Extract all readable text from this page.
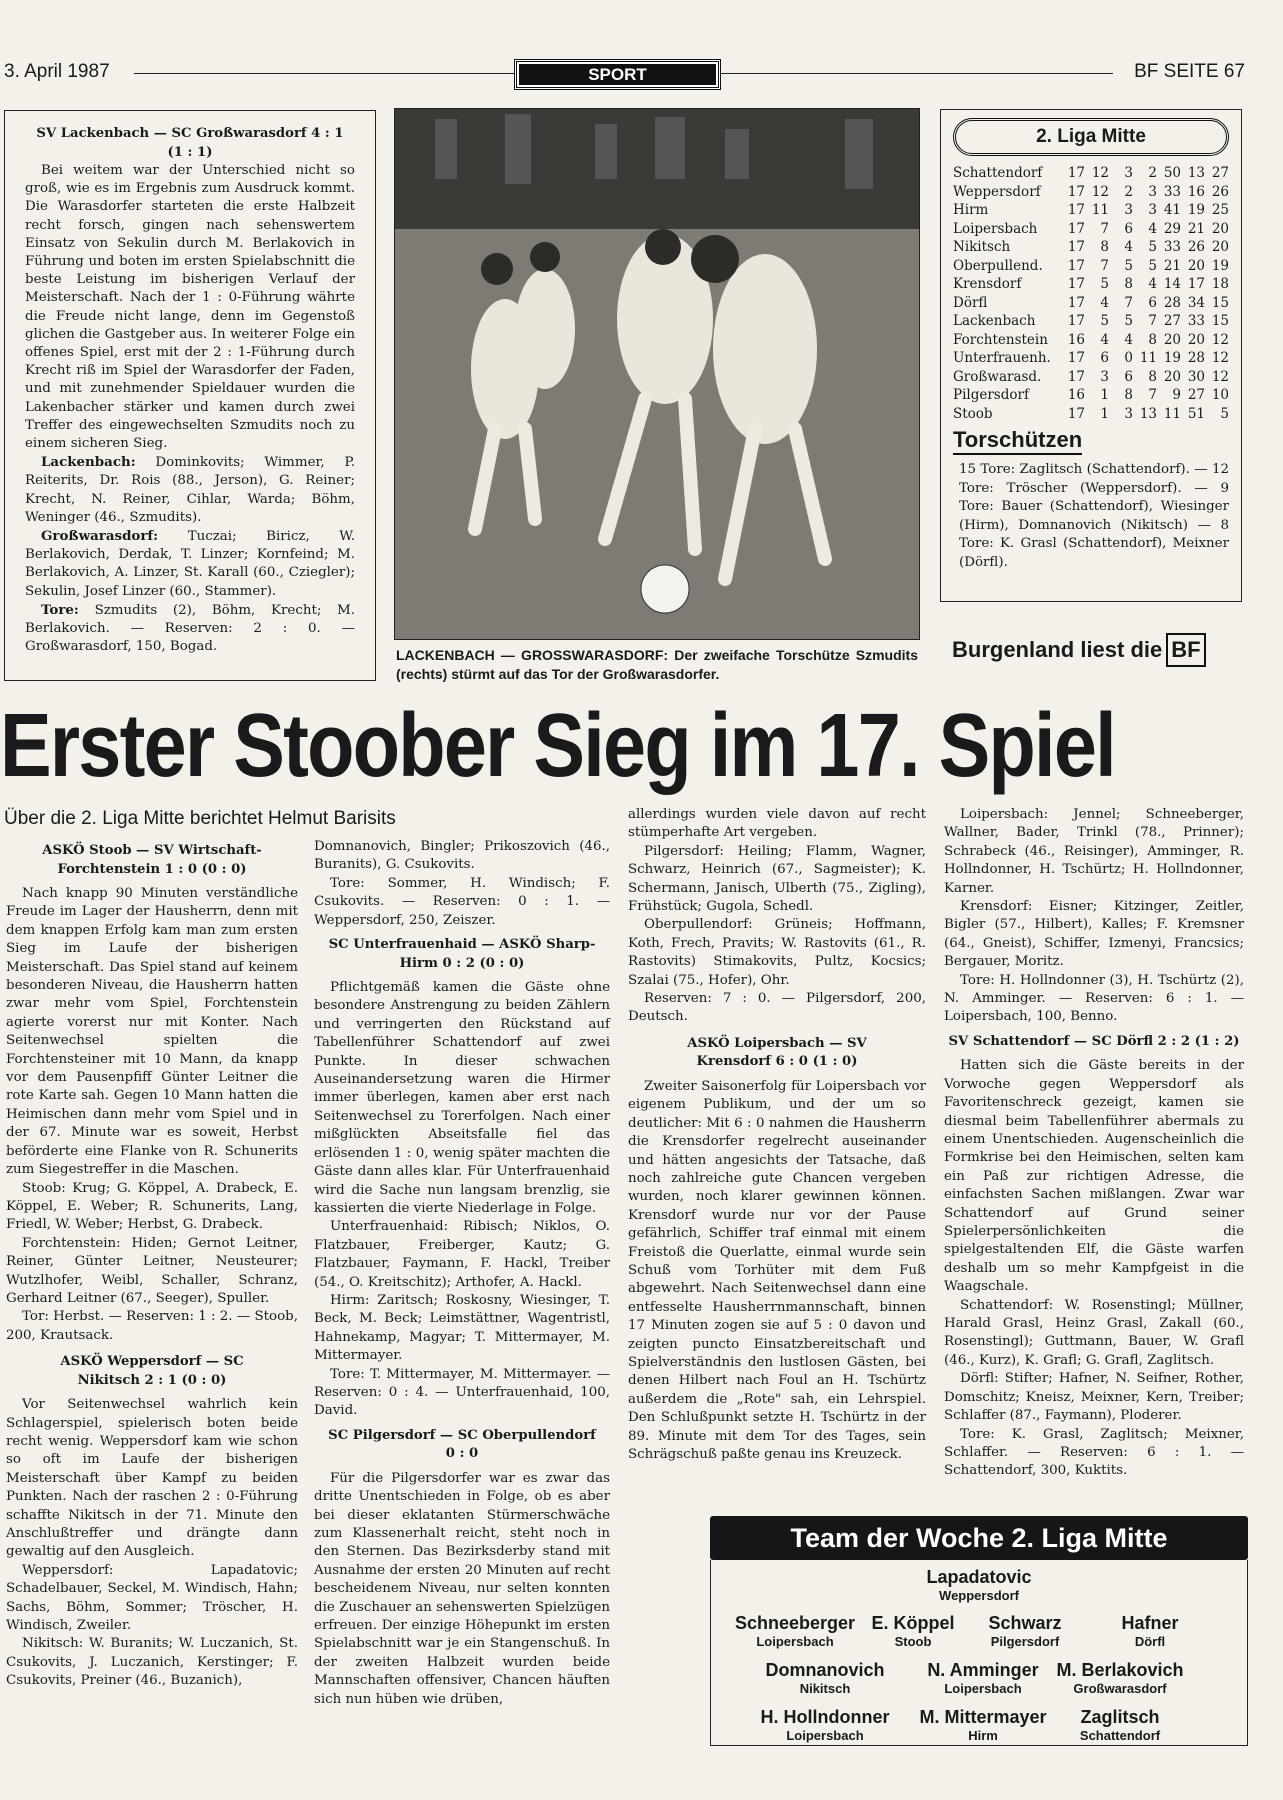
3. April 1987	SPORT	BF SEITE 67
SV Lackenbach — SC Großwarasdorf 4 : 1
(1 : 1)

Bei weitem war der Unterschied nicht so groß, wie es im Ergebnis zum Ausdruck kommt. Die Warasdorfer starteten die erste Halbzeit recht forsch, gingen nach sehenswertem Einsatz von Sekulin durch M. Berlakovich in Führung und boten im ersten Spielabschnitt die beste Leistung im bisherigen Verlauf der Meisterschaft. Nach der 1 : 0-Führung währte die Freude nicht lange, denn im Gegenstoß glichen die Gastgeber aus. In weiterer Folge ein offenes Spiel, erst mit der 2 : 1-Führung durch Krecht riß im Spiel der Warasdorfer der Faden, und mit zunehmender Spieldauer wurden die Lakenbacher stärker und kamen durch zwei Treffer des eingewechselten Szmudits noch zu einem sicheren Sieg.

Lackenbach: Dominkovits; Wimmer, P. Reiterits, Dr. Rois (88., Jerson), G. Reiner; Krecht, N. Reiner, Cihlar, Warda; Böhm, Weninger (46., Szmudits).

Großwarasdorf: Tuczai; Biricz, W. Berlakovich, Derdak, T. Linzer; Kornfeind; M. Berlakovich, A. Linzer, St. Karall (60., Cziegler); Sekulin, Josef Linzer (60., Stammer).

Tore: Szmudits (2), Böhm, Krecht; M. Berlakovich. — Reserven: 2 : 0. — Großwarasdorf, 150, Bogad.

LACKENBACH — GROSSWARASDORF: Der zweifache Torschütze Szmudits (rechts) stürmt auf das Tor der Großwarasdorfer.
2. Liga Mitte
Schattendorf	17	12	3	2	50	13	27
Weppersdorf	17	12	2	3	33	16	26
Hirm	17	11	3	3	41	19	25
Loipersbach	17	7	6	4	29	21	20
Nikitsch	17	8	4	5	33	26	20
Oberpullend.	17	7	5	5	21	20	19
Krensdorf	17	5	8	4	14	17	18
Dörfl	17	4	7	6	28	34	15
Lackenbach	17	5	5	7	27	33	15
Forchtenstein	16	4	4	8	20	20	12
Unterfrauenh.	17	6	0	11	19	28	12
Großwarasd.	17	3	6	8	20	30	12
Pilgersdorf	16	1	8	7	9	27	10
Stoob	17	1	3	13	11	51	5
Torschützen
15 Tore: Zaglitsch (Schattendorf). — 12 Tore: Tröscher (Weppersdorf). — 9 Tore: Bauer (Schattendorf), Wiesinger (Hirm), Domnanovich (Nikitsch) — 8 Tore: K. Grasl (Schattendorf), Meixner (Dörfl).
Burgenland liest die BF
Erster Stoober Sieg im 17. Spiel
Über die 2. Liga Mitte berichtet Helmut Barisits
ASKÖ Stoob — SV Wirtschaft-Forchtenstein 1 : 0 (0 : 0)

Nach knapp 90 Minuten verständliche Freude im Lager der Hausherrn, denn mit dem knappen Erfolg kam man zum ersten Sieg im Laufe der bisherigen Meisterschaft. Das Spiel stand auf keinem besonderen Niveau, die Hausherrn hatten zwar mehr vom Spiel, Forchtenstein agierte vorerst nur mit Konter. Nach Seitenwechsel spielten die Forchtensteiner mit 10 Mann, da knapp vor dem Pausenpfiff Günter Leitner die rote Karte sah. Gegen 10 Mann hatten die Heimischen dann mehr vom Spiel und in der 67. Minute war es soweit, Herbst beförderte eine Flanke von R. Schunerits zum Siegestreffer in die Maschen.

Stoob: Krug; G. Köppel, A. Drabeck, E. Köppel, E. Weber; R. Schunerits, Lang, Friedl, W. Weber; Herbst, G. Drabeck.

Forchtenstein: Hiden; Gernot Leitner, Reiner, Günter Leitner, Neusteurer; Wutzlhofer, Weibl, Schaller, Schranz, Gerhard Leitner (67., Seeger), Spuller.

Tor: Herbst. — Reserven: 1 : 2. — Stoob, 200, Krautsack.

ASKÖ Weppersdorf — SC Nikitsch 2 : 1 (0 : 0)

Vor Seitenwechsel wahrlich kein Schlagerspiel, spielerisch boten beide recht wenig. Weppersdorf kam wie schon so oft im Laufe der bisherigen Meisterschaft über Kampf zu beiden Punkten. Nach der raschen 2 : 0-Führung schaffte Nikitsch in der 71. Minute den Anschlußtreffer und drängte dann gewaltig auf den Ausgleich.

Weppersdorf: Lapadatovic; Schadelbauer, Seckel, M. Windisch, Hahn; Sachs, Böhm, Sommer; Tröscher, H. Windisch, Zweiler.

Nikitsch: W. Buranits; W. Luczanich, St. Csukovits, J. Luczanich, Kerstinger; F. Csukovits, Preiner (46., Buzanich),

Domnanovich, Bingler; Prikoszovich (46., Buranits), G. Csukovits.

Tore: Sommer, H. Windisch; F. Csukovits. — Reserven: 0 : 1. — Weppersdorf, 250, Zeiszer.

SC Unterfrauenhaid — ASKÖ Sharp-Hirm 0 : 2 (0 : 0)

Pflichtgemäß kamen die Gäste ohne besondere Anstrengung zu beiden Zählern und verringerten den Rückstand auf Tabellenführer Schattendorf auf zwei Punkte. In dieser schwachen Auseinandersetzung waren die Hirmer immer überlegen, kamen aber erst nach Seitenwechsel zu Torerfolgen. Nach einer mißglückten Abseitsfalle fiel das erlösenden 1 : 0, wenig später machten die Gäste dann alles klar. Für Unterfrauenhaid wird die Sache nun langsam brenzlig, sie kassierten die vierte Niederlage in Folge.

Unterfrauenhaid: Ribisch; Niklos, O. Flatzbauer, Freiberger, Kautz; G. Flatzbauer, Faymann, F. Hackl, Treiber (54., O. Kreitschitz); Arthofer, A. Hackl.

Hirm: Zaritsch; Roskosny, Wiesinger, T. Beck, M. Beck; Leimstättner, Wagentristl, Hahnekamp, Magyar; T. Mittermayer, M. Mittermayer.

Tore: T. Mittermayer, M. Mittermayer. — Reserven: 0 : 4. — Unterfrauenhaid, 100, David.

SC Pilgersdorf — SC Oberpullendorf 0 : 0

Für die Pilgersdorfer war es zwar das dritte Unentschieden in Folge, ob es aber bei dieser eklatanten Stürmerschwäche zum Klassenerhalt reicht, steht noch in den Sternen. Das Bezirksderby stand mit Ausnahme der ersten 20 Minuten auf recht bescheidenem Niveau, nur selten konnten die Zuschauer an sehenswerten Spielzügen erfreuen. Der einzige Höhepunkt im ersten Spielabschnitt war je ein Stangenschuß. In der zweiten Halbzeit wurden beide Mannschaften offensiver, Chancen häuften sich nun hüben wie drüben,

allerdings wurden viele davon auf recht stümperhafte Art vergeben.

Pilgersdorf: Heiling; Flamm, Wagner, Schwarz, Heinrich (67., Sagmeister); K. Schermann, Janisch, Ulberth (75., Zigling), Frühstück; Gugola, Schedl.

Oberpullendorf: Grüneis; Hoffmann, Koth, Frech, Pravits; W. Rastovits (61., R. Rastovits) Stimakovits, Pultz, Kocsics; Szalai (75., Hofer), Ohr.

Reserven: 7 : 0. — Pilgersdorf, 200, Deutsch.

ASKÖ Loipersbach — SV Krensdorf 6 : 0 (1 : 0)

Zweiter Saisonerfolg für Loipersbach vor eigenem Publikum, und der um so deutlicher: Mit 6 : 0 nahmen die Hausherrn die Krensdorfer regelrecht auseinander und hätten angesichts der Tatsache, daß noch zahlreiche gute Chancen vergeben wurden, noch klarer gewinnen können. Krensdorf wurde nur vor der Pause gefährlich, Schiffer traf einmal mit einem Freistoß die Querlatte, einmal wurde sein Schuß vom Torhüter mit dem Fuß abgewehrt. Nach Seitenwechsel dann eine entfesselte Hausherrnmannschaft, binnen 17 Minuten zogen sie auf 5 : 0 davon und zeigten puncto Einsatzbereitschaft und Spielverständnis den lustlosen Gästen, bei denen Hilbert nach Foul an H. Tschürtz außerdem die „Rote" sah, ein Lehrspiel. Den Schlußpunkt setzte H. Tschürtz in der 89. Minute mit dem Tor des Tages, sein Schrägschuß paßte genau ins Kreuzeck.

Loipersbach: Jennel; Schneeberger, Wallner, Bader, Trinkl (78., Prinner); Schrabeck (46., Reisinger), Amminger, R. Hollndonner, H. Tschürtz; H. Hollndonner, Karner.

Krensdorf: Eisner; Kitzinger, Zeitler, Bigler (57., Hilbert), Kalles; F. Kremsner (64., Gneist), Schiffer, Izmenyi, Francsics; Bergauer, Moritz.

Tore: H. Hollndonner (3), H. Tschürtz (2), N. Amminger. — Reserven: 6 : 1. — Loipersbach, 100, Benno.

SV Schattendorf — SC Dörfl 2 : 2 (1 : 2)

Hatten sich die Gäste bereits in der Vorwoche gegen Weppersdorf als Favoritenschreck gezeigt, kamen sie diesmal beim Tabellenführer abermals zu einem Unentschieden. Augenscheinlich die Formkrise bei den Heimischen, selten kam ein Paß zur richtigen Adresse, die einfachsten Sachen mißlangen. Zwar war Schattendorf auf Grund seiner Spielerpersönlichkeiten die spielgestaltenden Elf, die Gäste warfen deshalb um so mehr Kampfgeist in die Waagschale.

Schattendorf: W. Rosenstingl; Müllner, Harald Grasl, Heinz Grasl, Zakall (60., Rosenstingl); Guttmann, Bauer, W. Grafl (46., Kurz), K. Grafl; G. Grafl, Zaglitsch.

Dörfl: Stifter; Hafner, N. Seifner, Rother, Domschitz; Kneisz, Meixner, Kern, Treiber; Schlaffer (87., Faymann), Ploderer.

Tore: K. Grasl, Zaglitsch; Meixner, Schlaffer. — Reserven: 6 : 1. — Schattendorf, 300, Kuktits.

Team der Woche 2. Liga Mitte
Lapadatovic
Weppersdorf
Schneeberger
Loipersbach
E. Köppel
Stoob
Schwarz
Pilgersdorf
Hafner
Dörfl
Domnanovich
Nikitsch
N. Amminger
Loipersbach
M. Berlakovich
Großwarasdorf
H. Hollndonner
Loipersbach
M. Mittermayer
Hirm
Zaglitsch
Schattendorf
